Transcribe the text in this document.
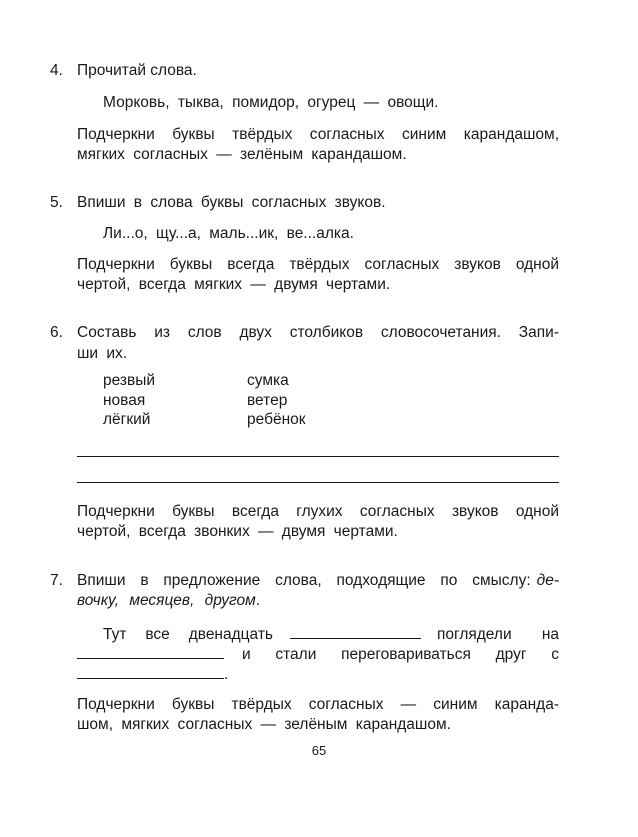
4. Прочитай слова.
Морковь, тыква, помидор, огурец — овощи.
Подчеркни буквы твёрдых согласных синим карандашом,
мягких согласных — зелёным карандашом.
5. Впиши в слова буквы согласных звуков.
Ли...о, щу...а, маль...ик, ве...алка.
Подчеркни буквы всегда твёрдых согласных звуков одной
чертой, всегда мягких — двумя чертами.
6. Составь из слов двух столбиков словосочетания. Запи-
ши их.
резвый
новая
лёгкий
сумка
ветер
ребёнок
Подчеркни буквы всегда глухих согласных звуков одной
чертой, всегда звонких — двумя чертами.
7. Впиши в предложение слова, подходящие по смыслу: де-
вочку, месяцев, другом.
Тут все двенадцать	поглядели на
и стали переговариваться друг с
.
Подчеркни буквы твёрдых согласных — синим каранда-
шом, мягких согласных — зелёным карандашом.
65
